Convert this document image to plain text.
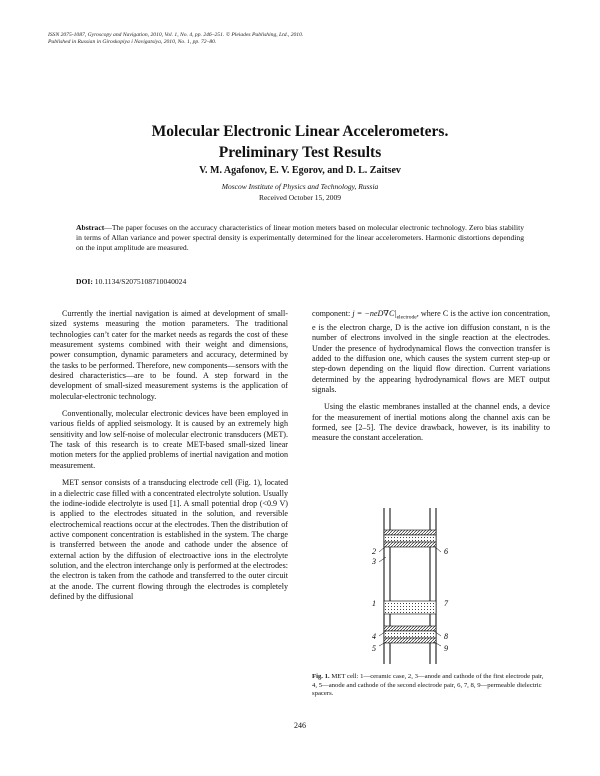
ISSN 2075-1087, Gyroscopy and Navigation, 2010, Vol. 1, No. 4, pp. 246–251. © Pleiades Publishing, Ltd., 2010.
Published in Russian in Giroskopiya i Navigatsiya, 2010, No. 1, pp. 72–80.
Molecular Electronic Linear Accelerometers.
Preliminary Test Results
V. M. Agafonov, E. V. Egorov, and D. L. Zaitsev
Moscow Institute of Physics and Technology, Russia
Received October 15, 2009
Abstract—The paper focuses on the accuracy characteristics of linear motion meters based on molecular electronic technology. Zero bias stability in terms of Allan variance and power spectral density is experimentally determined for the linear accelerometers. Harmonic distortions depending on the input amplitude are measured.
DOI: 10.1134/S2075108710040024

Currently the inertial navigation is aimed at development of small-sized systems measuring the motion parameters. The traditional technologies can’t cater for the market needs as regards the cost of these measurement systems combined with their weight and dimensions, power consumption, dynamic parameters and accuracy, determined by the tasks to be performed. Therefore, new components—sensors with the desired characteristics—are to be found. A step forward in the development of small-sized measurement systems is the application of molecular-electronic technology.

Conventionally, molecular electronic devices have been employed in various fields of applied seismology. It is caused by an extremely high sensitivity and low self-noise of molecular electronic transducers (MET). The task of this research is to create MET-based small-sized linear motion meters for the applied problems of inertial navigation and motion measurement.

MET sensor consists of a transducing electrode cell (Fig. 1), located in a dielectric case filled with a concentrated electrolyte solution. Usually the iodine-iodide electrolyte is used [1]. A small potential drop (<0.9 V) is applied to the electrodes situated in the solution, and reversible electrochemical reactions occur at the electrodes. Then the distribution of active component concentration is established in the system. The charge is transferred between the anode and cathode under the absence of external action by the diffusion of electroactive ions in the electrolyte solution, and the electron interchange only is performed at the electrodes: the electron is taken from the cathode and transferred to the outer circuit at the anode. The current flowing through the electrodes is completely defined by the diffusional

component: $j = -neD\nabla C|_{electrode}$, where C is the active ion concentration, e is the electron charge, D is the active ion diffusion constant, n is the number of electrons involved in the single reaction at the electrodes. Under the presence of hydrodynamical flows the convection transfer is added to the diffusion one, which causes the system current step-up or step-down depending on the liquid flow direction. Current variations determined by the appearing hydrodynamical flows are MET output signals.

Using the elastic membranes installed at the channel ends, a device for the measurement of inertial motions along the channel axis can be formed, see [2–5]. The device drawback, however, is its inability to measure the constant acceleration.

2
3
6
1	7
4
5
8
9
Fig. 1. MET cell: 1—ceramic case, 2, 3—anode and cathode of the first electrode pair, 4, 5—anode and cathode of the second electrode pair, 6, 7, 8, 9—permeable dielectric spacers.
246
